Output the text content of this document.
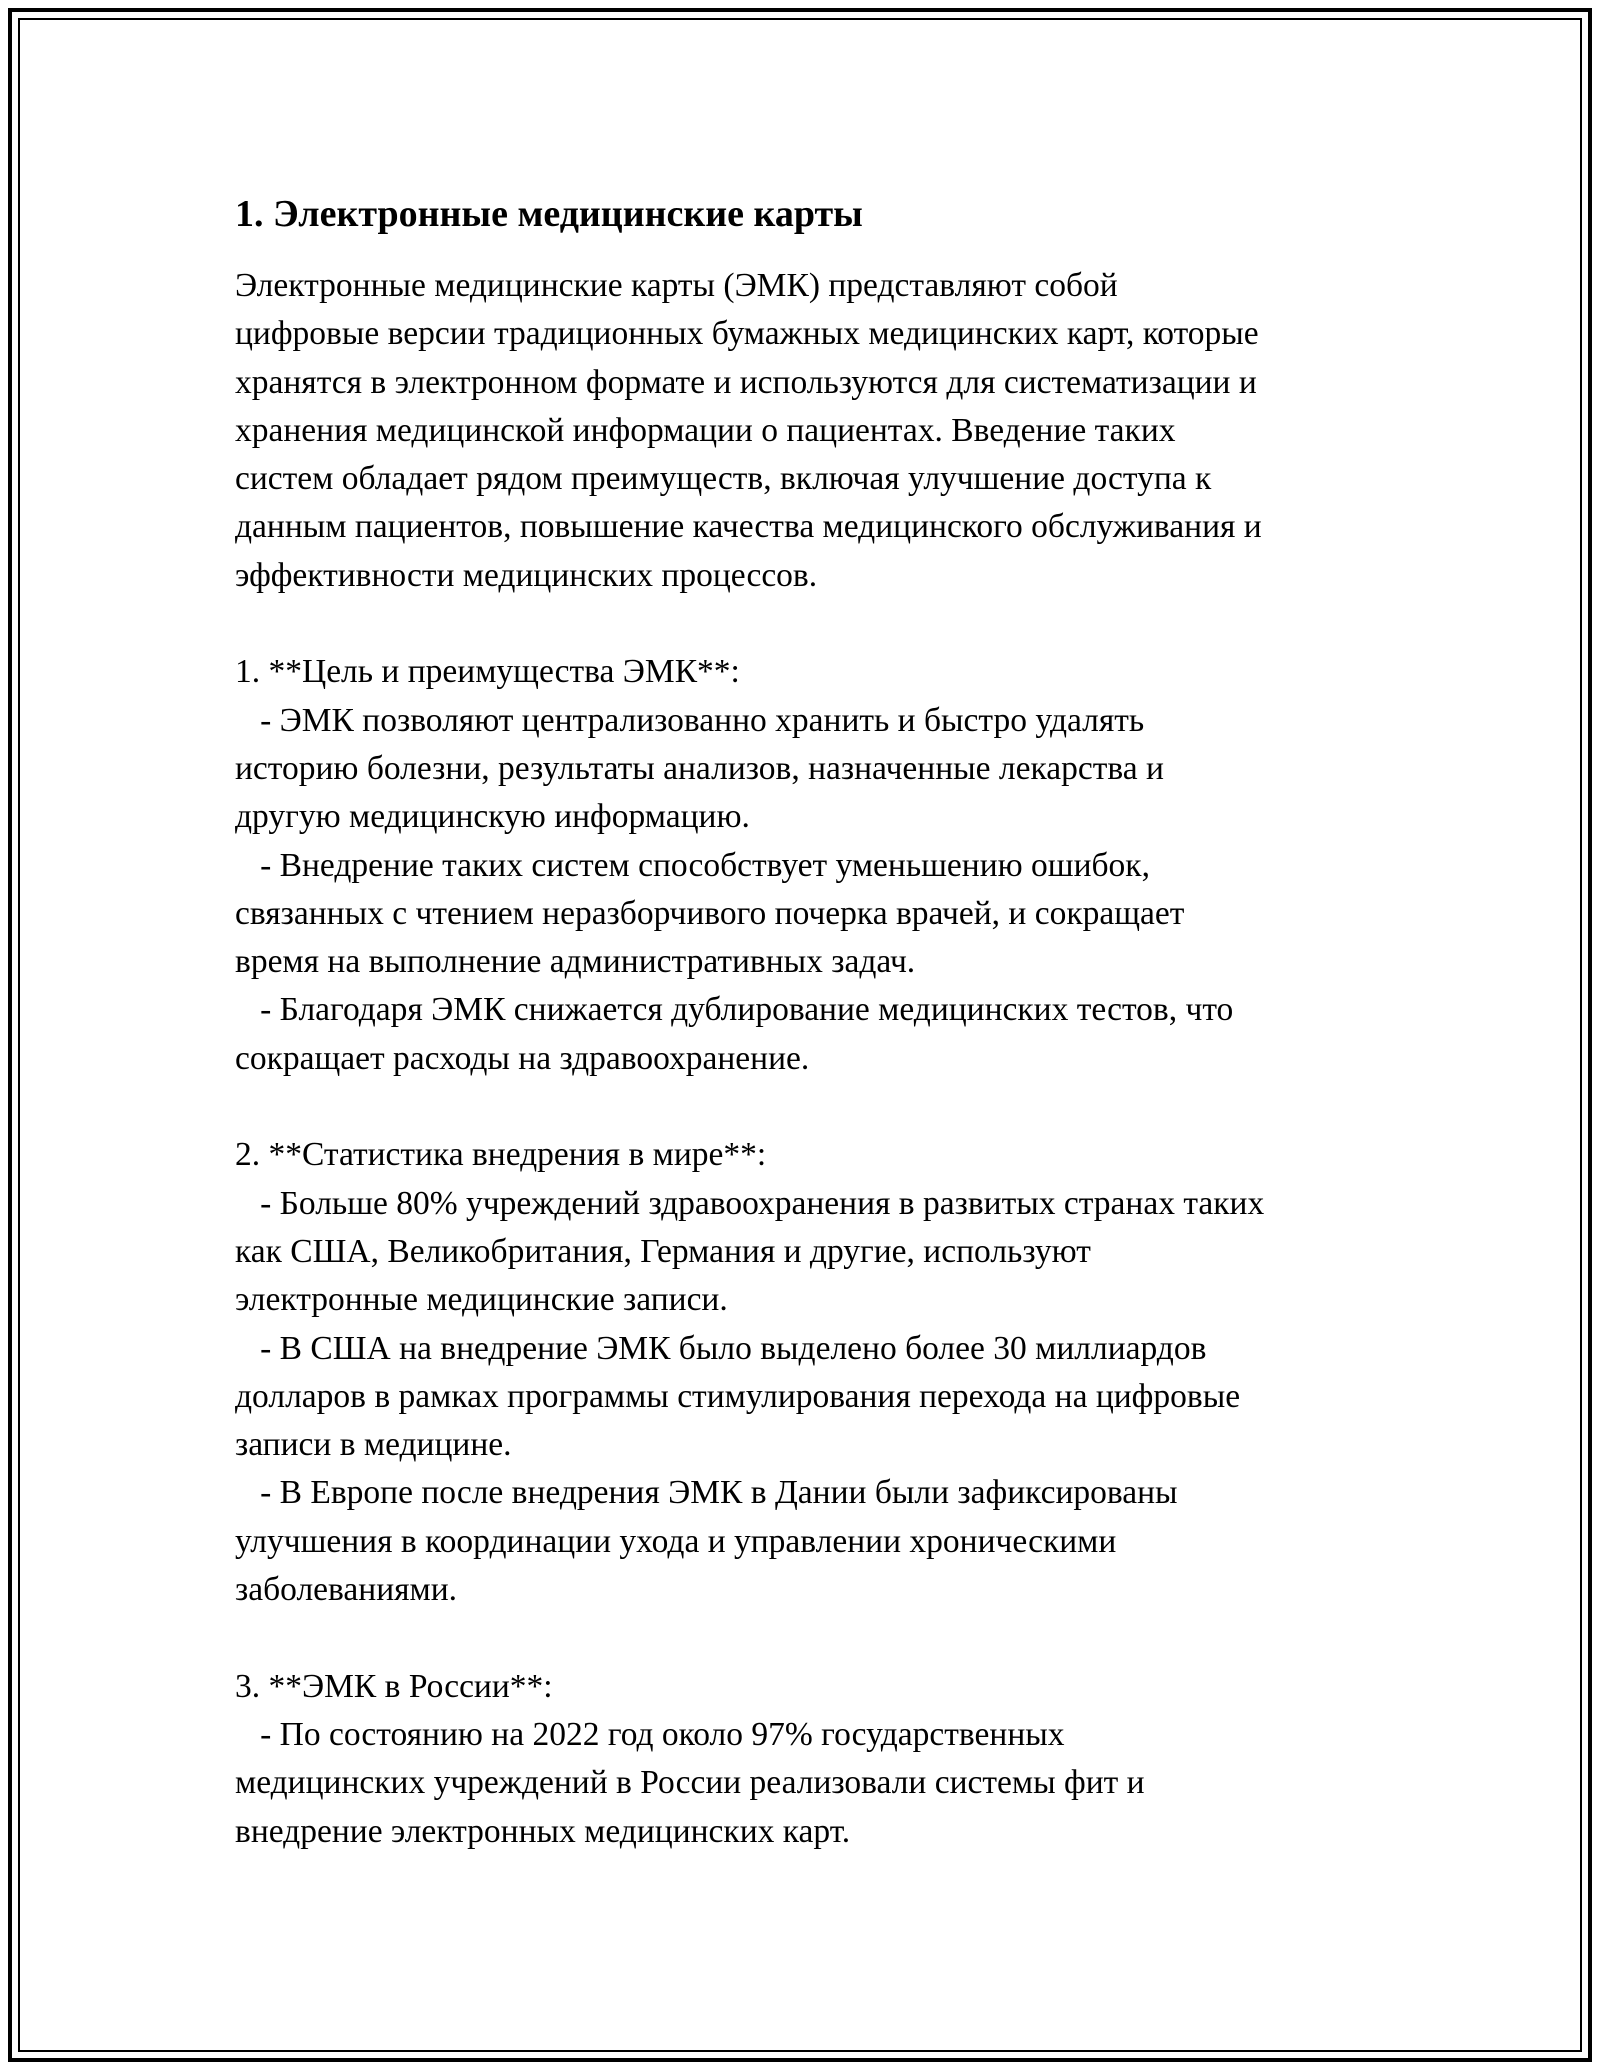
1. Электронные медицинские карты

Электронные медицинские карты (ЭМК) представляют собой
цифровые версии традиционных бумажных медицинских карт, которые
хранятся в электронном формате и используются для систематизации и
хранения медицинской информации о пациентах. Введение таких
систем обладает рядом преимуществ, включая улучшение доступа к
данным пациентов, повышение качества медицинского обслуживания и
эффективности медицинских процессов.

1. **Цель и преимущества ЭМК**:
- ЭМК позволяют централизованно хранить и быстро удалять
историю болезни, результаты анализов, назначенные лекарства и
другую медицинскую информацию.
- Внедрение таких систем способствует уменьшению ошибок,
связанных с чтением неразборчивого почерка врачей, и сокращает
время на выполнение административных задач.
- Благодаря ЭМК снижается дублирование медицинских тестов, что
сокращает расходы на здравоохранение.

2. **Статистика внедрения в мире**:
- Больше 80% учреждений здравоохранения в развитых странах таких
как США, Великобритания, Германия и другие, используют
электронные медицинские записи.
- В США на внедрение ЭМК было выделено более 30 миллиардов
долларов в рамках программы стимулирования перехода на цифровые
записи в медицине.
- В Европе после внедрения ЭМК в Дании были зафиксированы
улучшения в координации ухода и управлении хроническими
заболеваниями.

3. **ЭМК в России**:
- По состоянию на 2022 год около 97% государственных
медицинских учреждений в России реализовали системы фит и
внедрение электронных медицинских карт.
